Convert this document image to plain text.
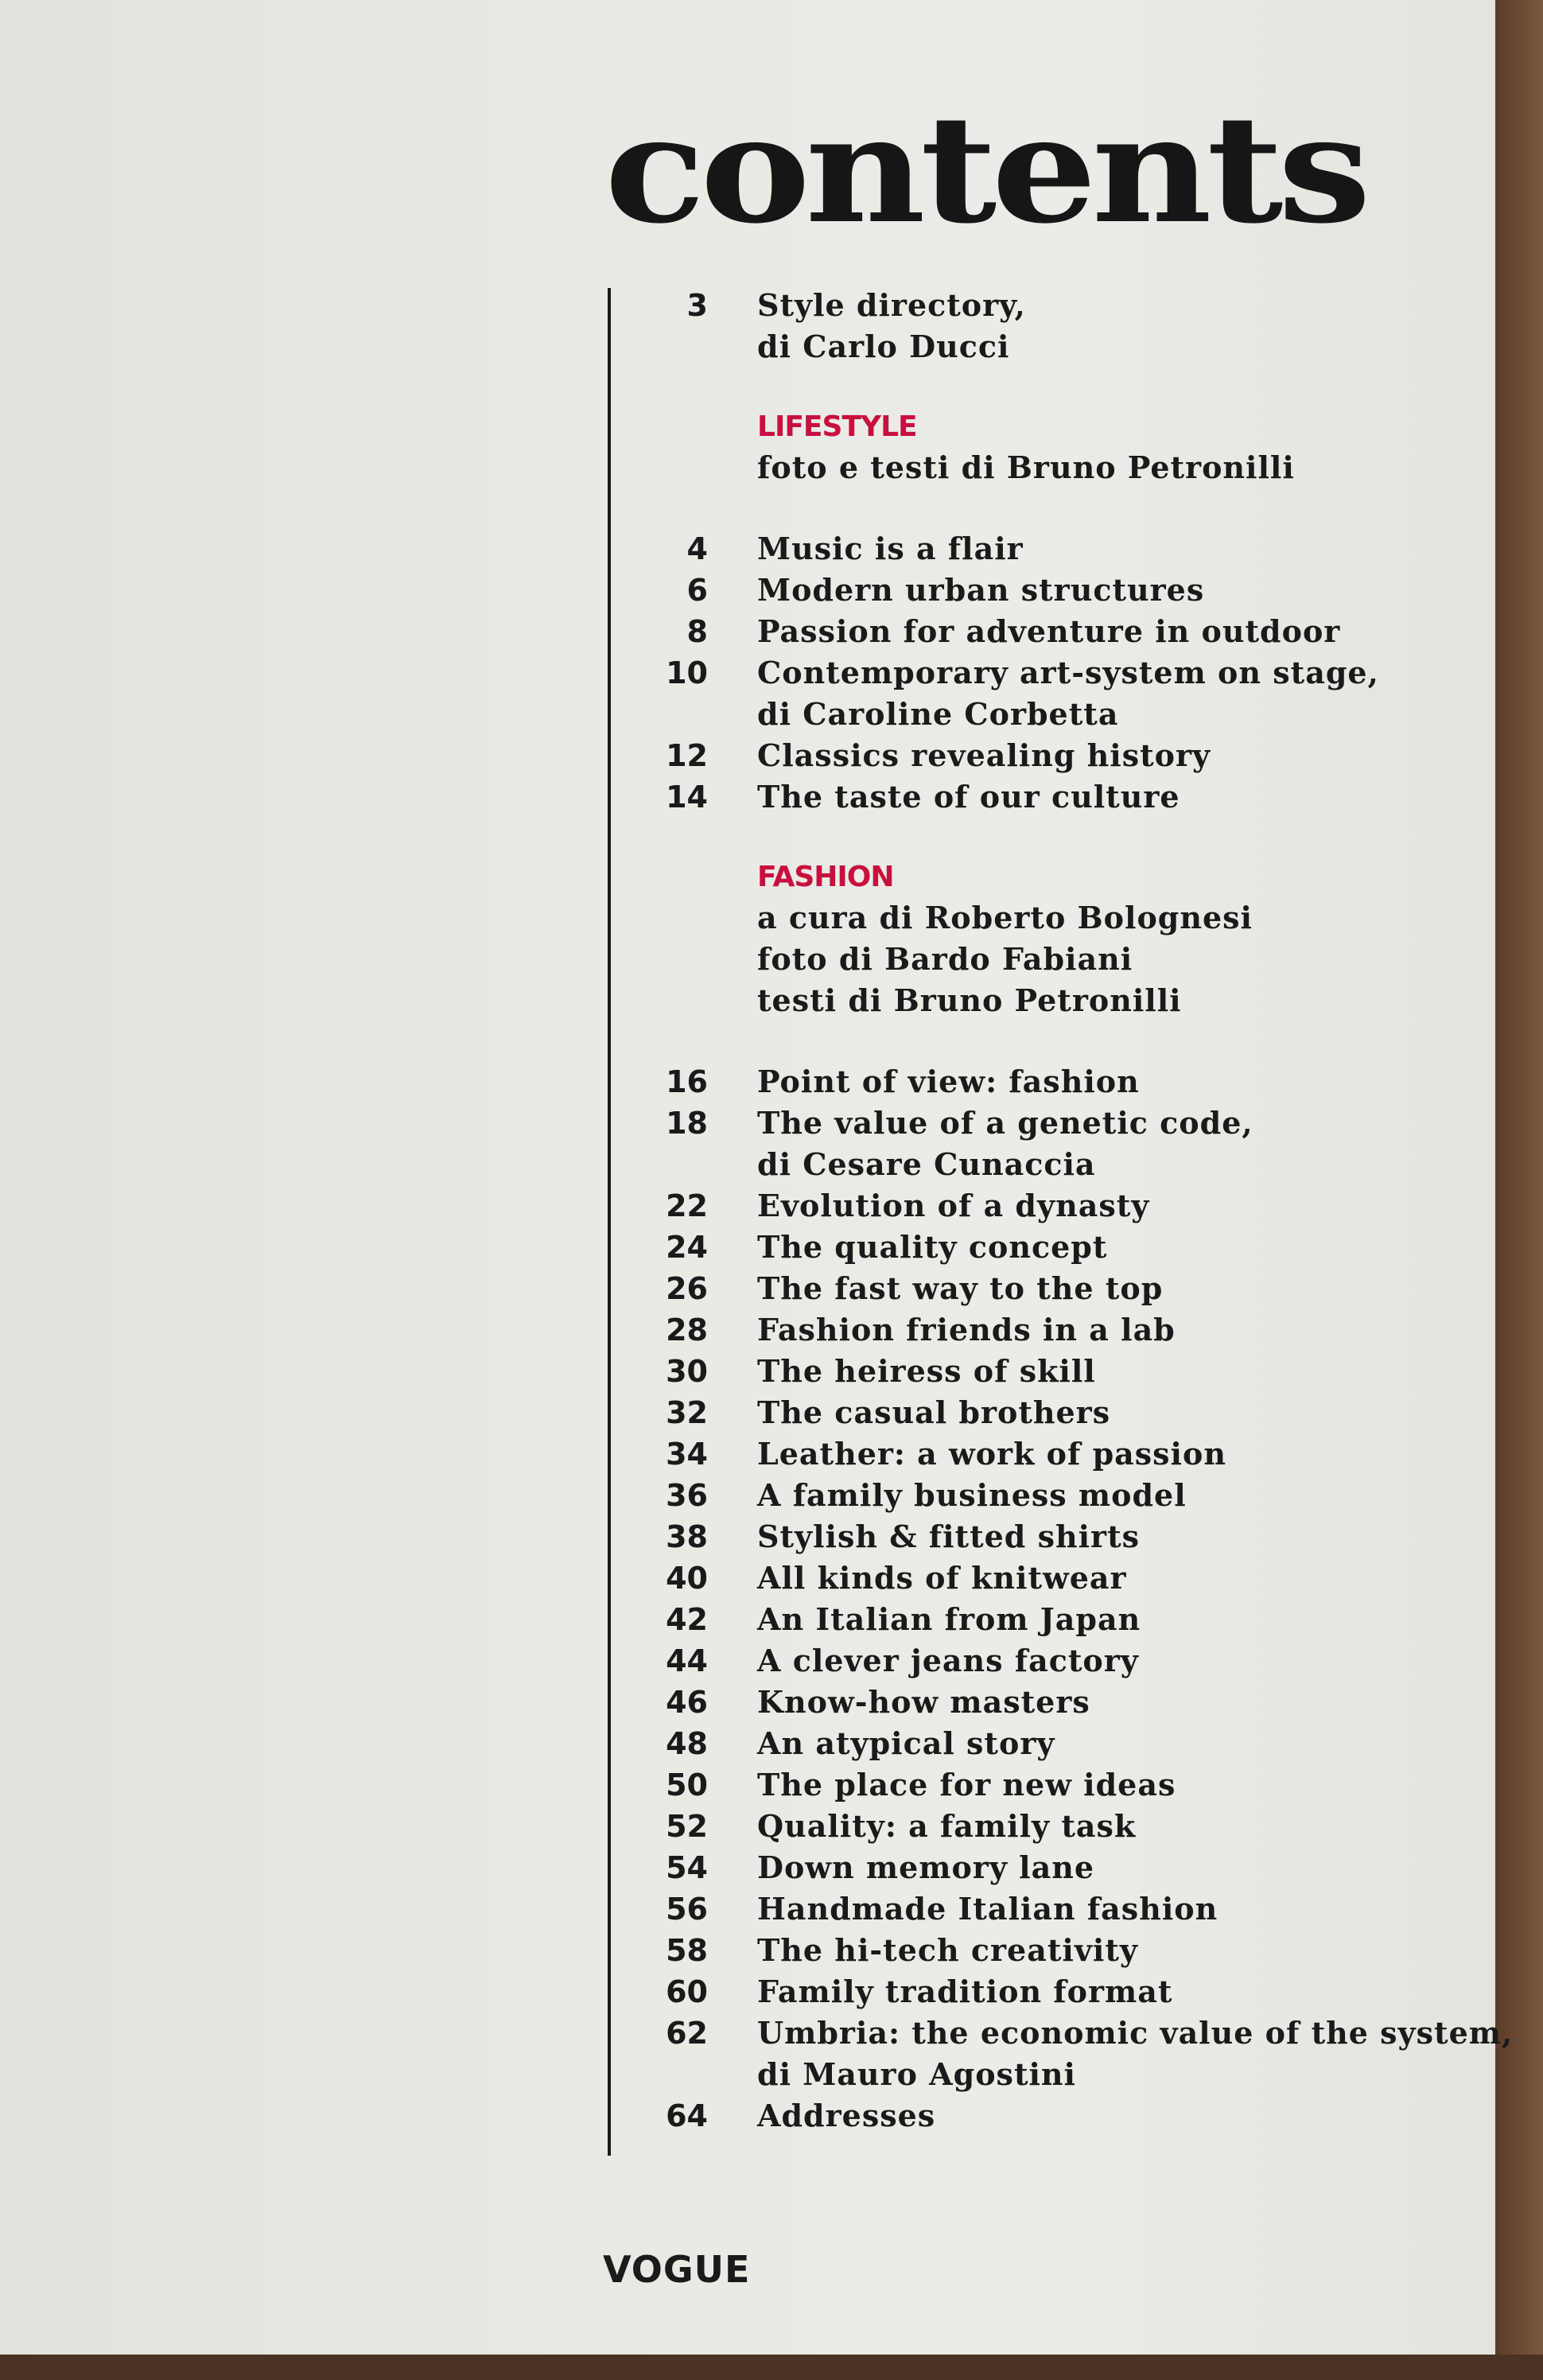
contents
3 Style directory,
di Carlo Ducci
LIFESTYLE
foto e testi di Bruno Petronilli
4 Music is a flair
6 Modern urban structures
8 Passion for adventure in outdoor
10 Contemporary art-system on stage,
di Caroline Corbetta
12 Classics revealing history
14 The taste of our culture
FASHION
a cura di Roberto Bolognesi
foto di Bardo Fabiani
testi di Bruno Petronilli
16 Point of view: fashion
18 The value of a genetic code,
di Cesare Cunaccia
22 Evolution of a dynasty
24 The quality concept
26 The fast way to the top
28 Fashion friends in a lab
30 The heiress of skill
32 The casual brothers
34 Leather: a work of passion
36 A family business model
38 Stylish & fitted shirts
40 All kinds of knitwear
42 An Italian from Japan
44 A clever jeans factory
46 Know-how masters
48 An atypical story
50 The place for new ideas
52 Quality: a family task
54 Down memory lane
56 Handmade Italian fashion
58 The hi-tech creativity
60 Family tradition format
62 Umbria: the economic value of the system,
di Mauro Agostini
64 Addresses
VOGUE
